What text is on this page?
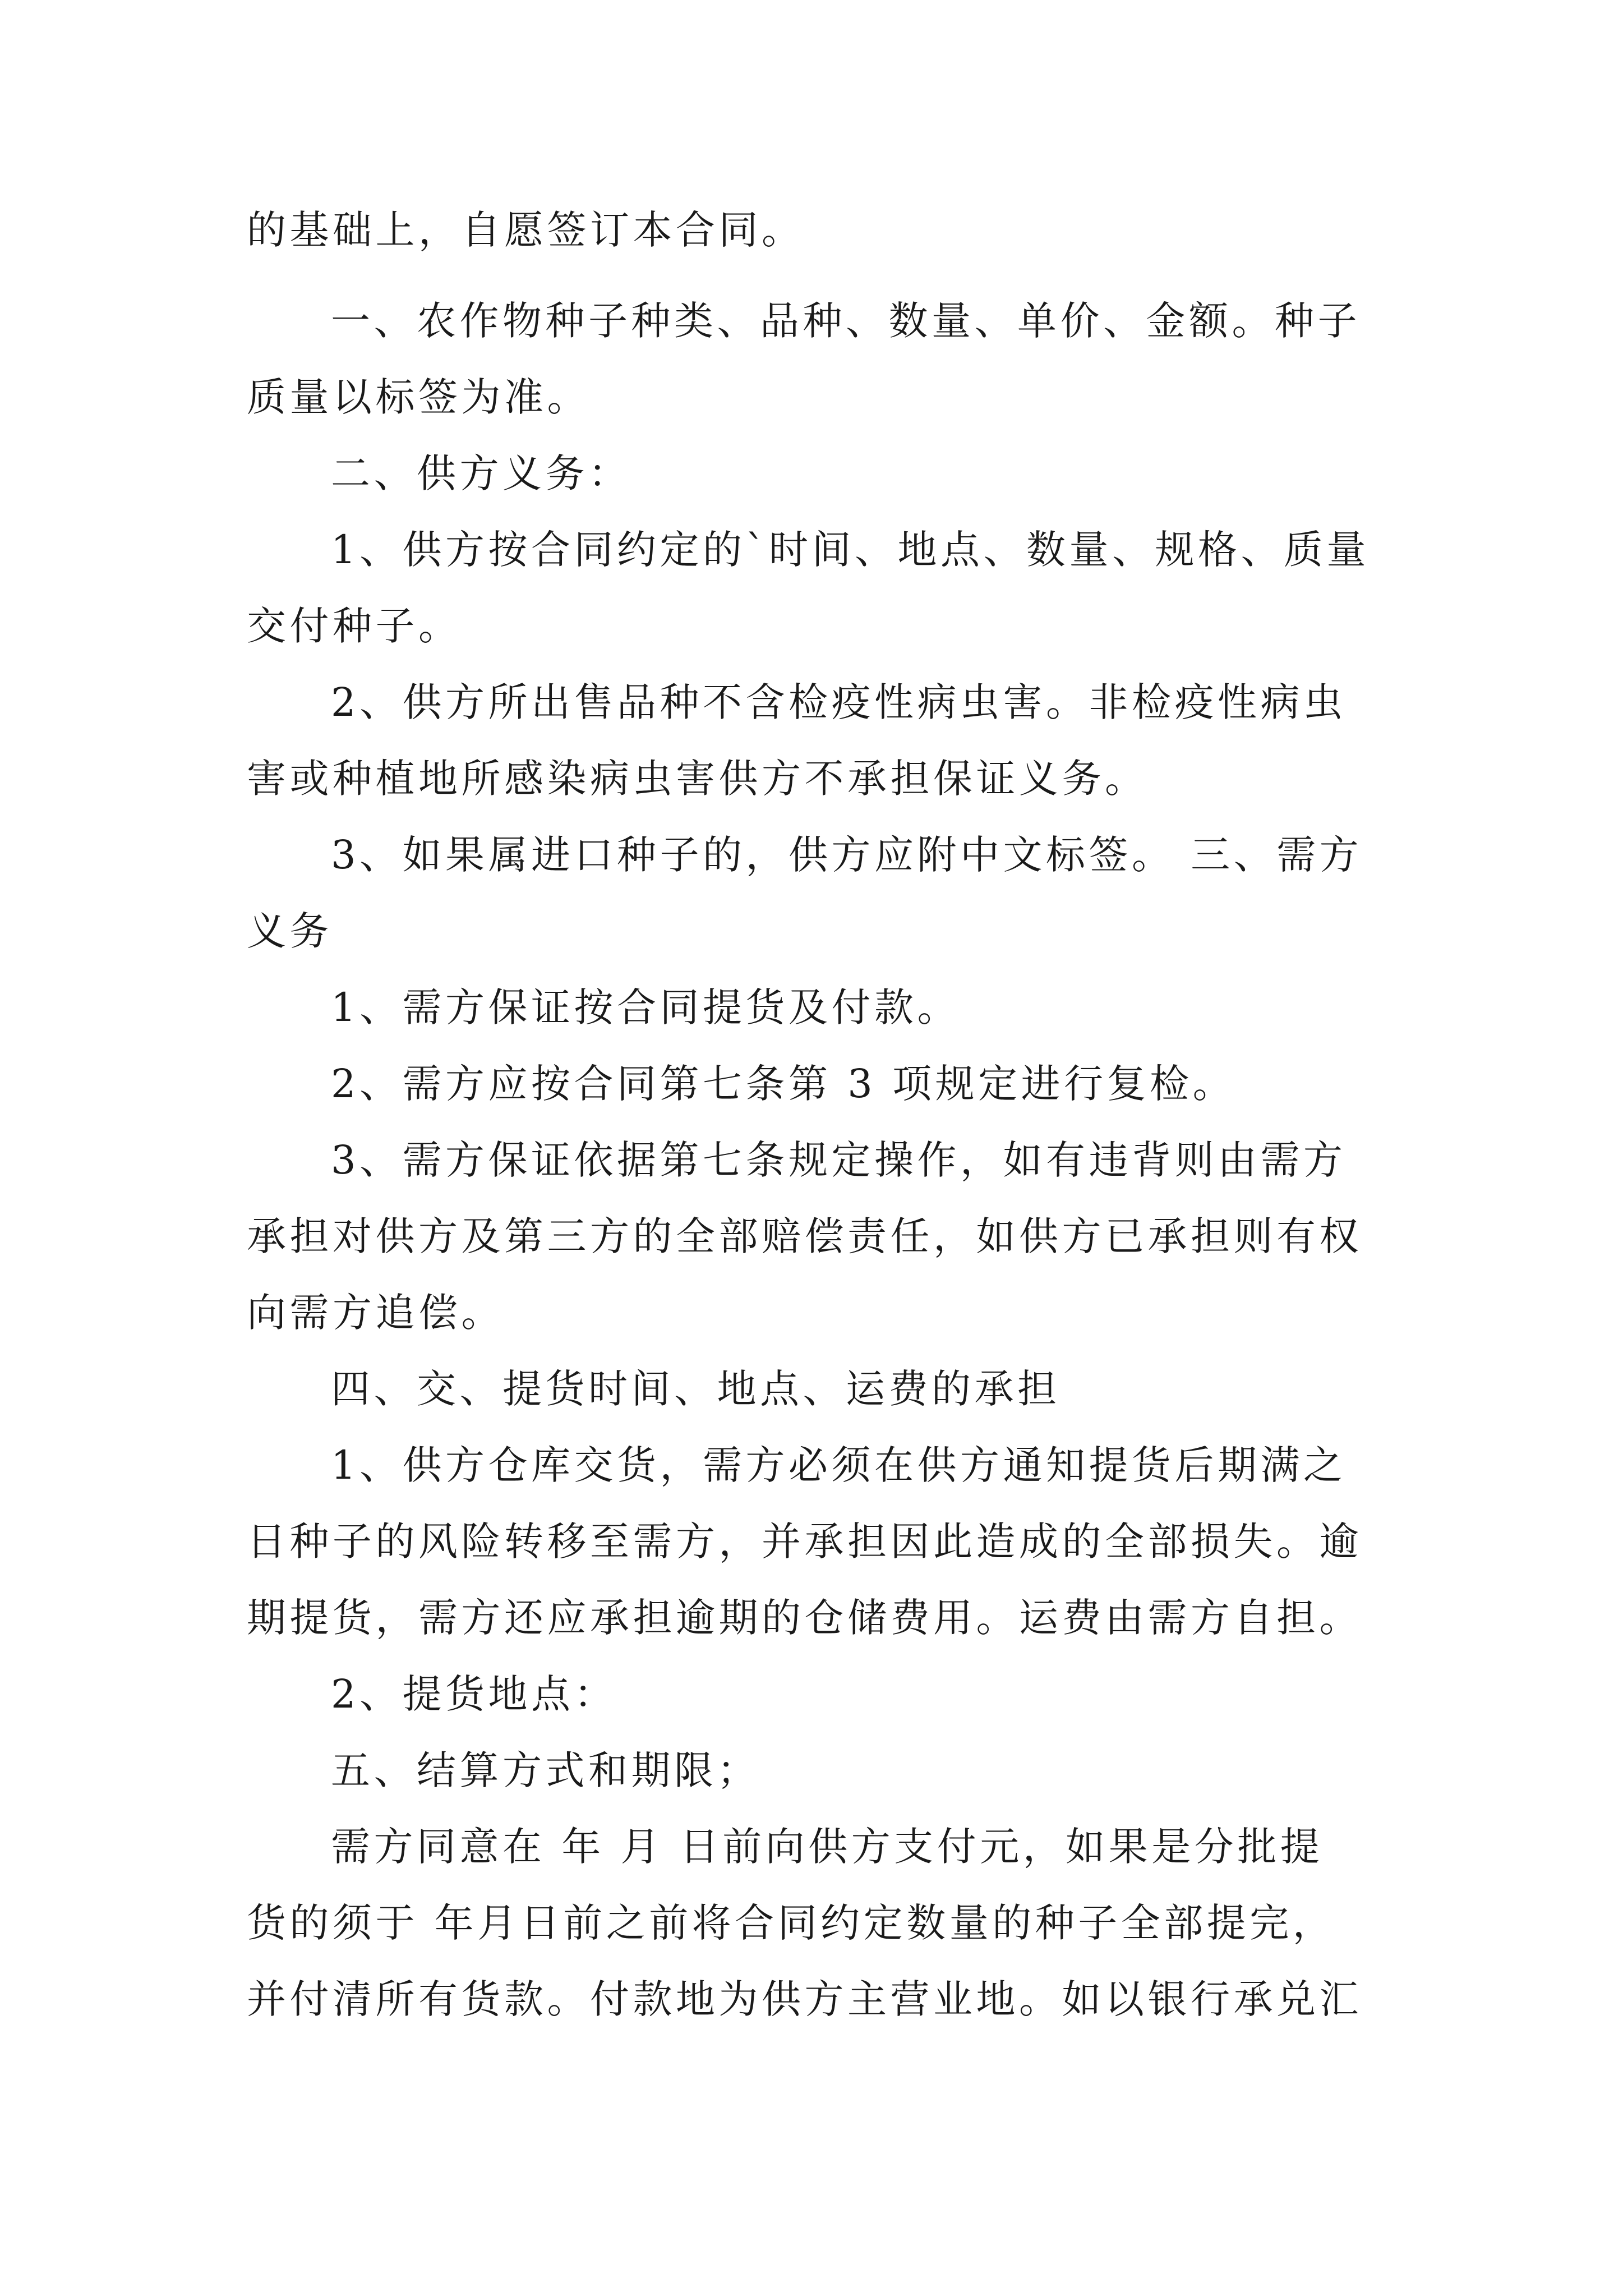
的基础上，自愿签订本合同。
一、农作物种子种类、品种、数量、单价、金额。种子
质量以标签为准。
二、供方义务：
1、供方按合同约定的`时间、地点、数量、规格、质量
交付种子。
2、供方所出售品种不含检疫性病虫害。非检疫性病虫
害或种植地所感染病虫害供方不承担保证义务。
3、如果属进口种子的，供方应附中文标签。 三、需方
义务
1、需方保证按合同提货及付款。
2、需方应按合同第七条第 3 项规定进行复检。
3、需方保证依据第七条规定操作，如有违背则由需方
承担对供方及第三方的全部赔偿责任，如供方已承担则有权
向需方追偿。
四、交、提货时间、地点、运费的承担
1、供方仓库交货，需方必须在供方通知提货后期满之
日种子的风险转移至需方，并承担因此造成的全部损失。逾
期提货，需方还应承担逾期的仓储费用。运费由需方自担。
2、提货地点：
五、结算方式和期限；
需方同意在 年 月 日前向供方支付元，如果是分批提
货的须于 年月日前之前将合同约定数量的种子全部提完，
并付清所有货款。付款地为供方主营业地。如以银行承兑汇
